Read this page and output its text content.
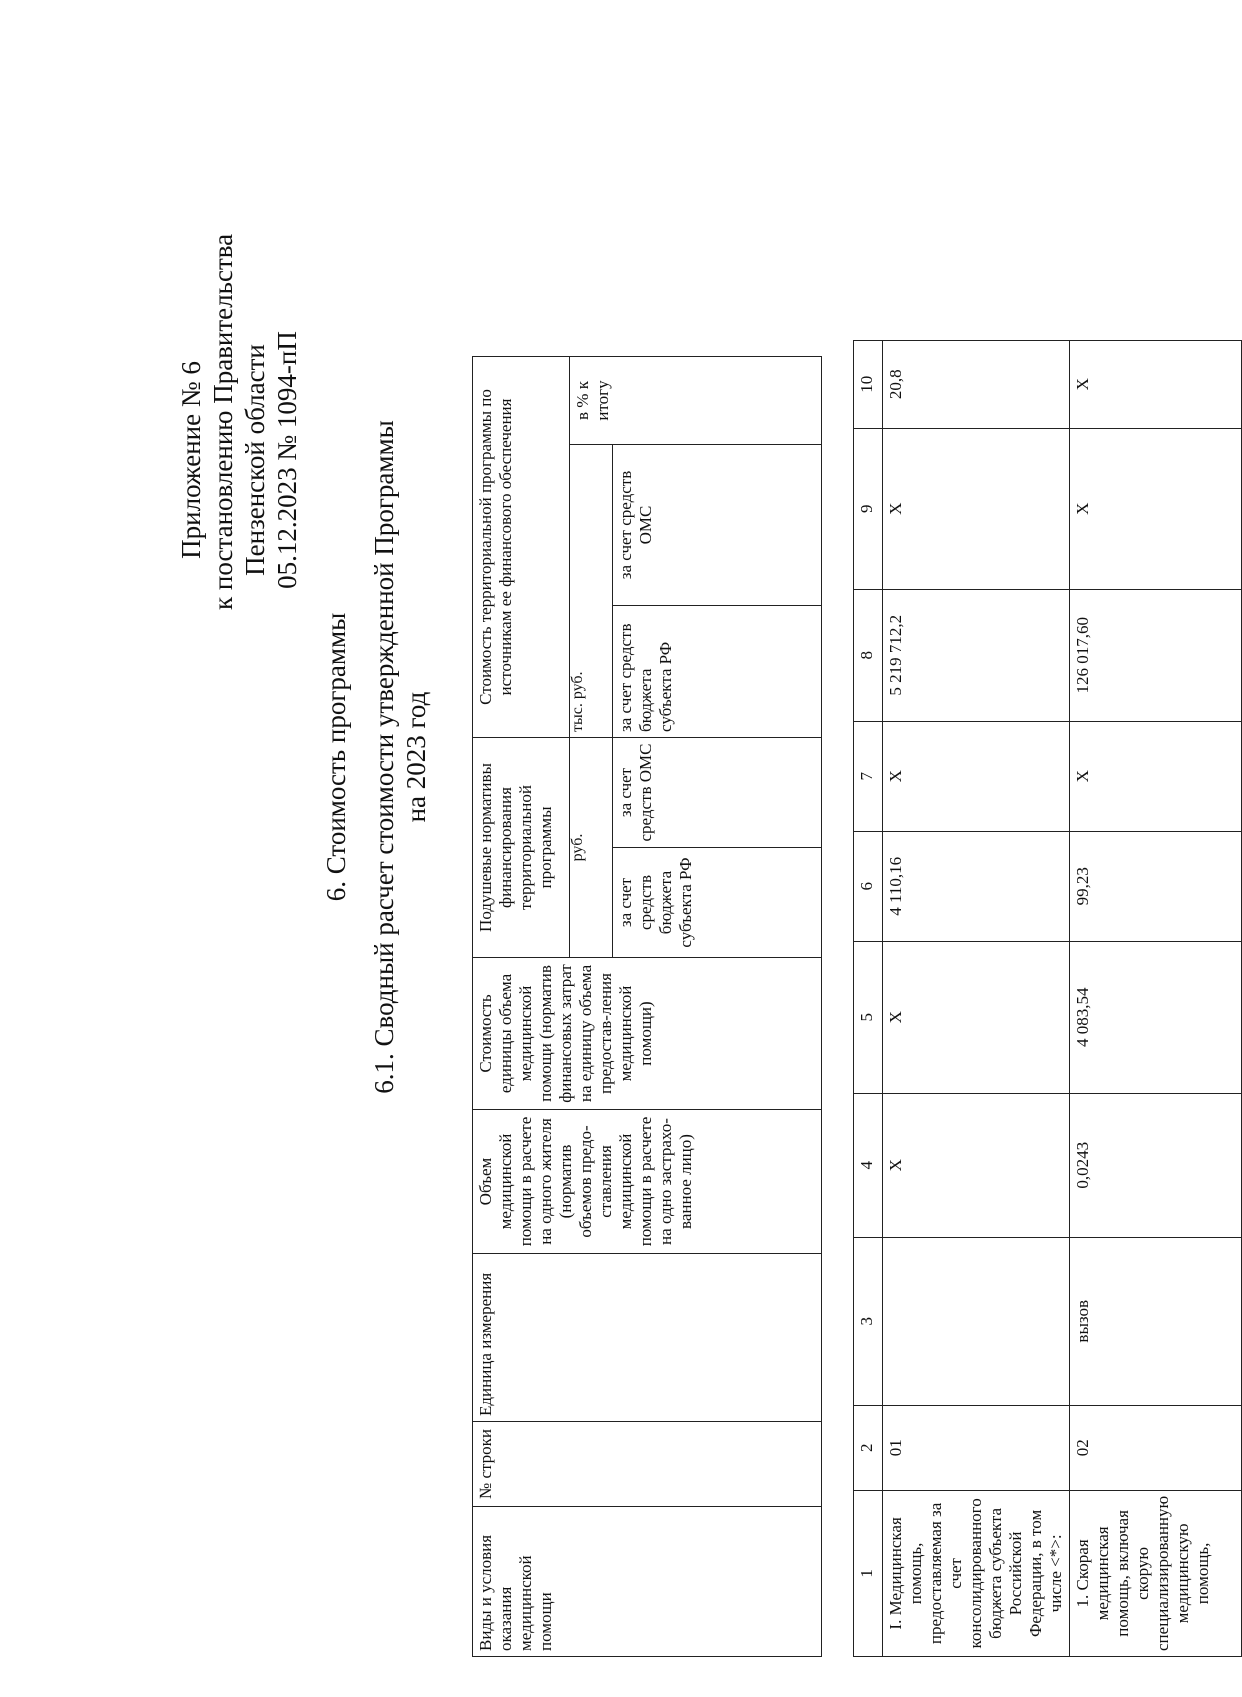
Приложение № 6 к постановлению Правительства Пензенской области 05.12.2023 № 1094-пП
6. Стоимость программы 6.1. Сводный расчет стоимости утвержденной Программы на 2023 год
Виды и условия оказания медицинской помощи	№ строки	Единица измерения	Объем медицинской помощи в расчете на одного жителя (норматив объемов предо-ставления медицинской помощи в расчете на одно застрахо-ванное лицо)	Стоимость единицы объема медицинской помощи (норматив финансовых затрат на единицу объема предостав-ления медицинской помощи)	Подушевые нормативы финансирования территориальной программы		Стоимость территориальной программы по источникам ее финансового обеспечения		
					руб.		тыс. руб.		в % к итогу
					за счет средств бюджета субъекта РФ	за счет средств ОМС	за счет средств бюджета субъекта РФ	за счет средств ОМС	
1	2	3	4	5	6	7	8	9	10
I. Медицинская помощь, предоставляемая за счет консолидированного бюджета субъекта Российской Федерации, в том числе <*>:	01		Х	Х	4 110,16	Х	5 219 712,2	Х	20,8
1. Скорая медицинская помощь, включая скорую специализированную медицинскую помощь,	02	вызов	0,0243	4 083,54	99,23	Х	126 017,60	Х	Х
